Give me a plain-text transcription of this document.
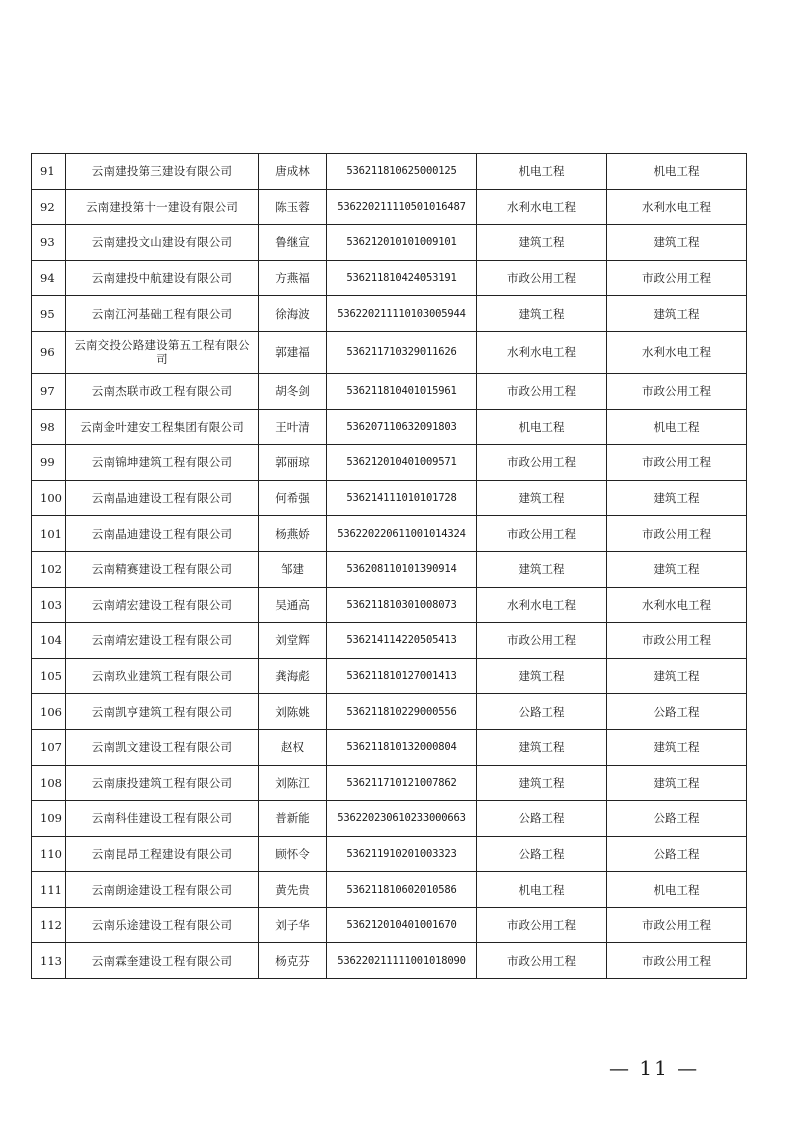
91	云南建投第三建设有限公司	唐成林	536211810625000125	机电工程	机电工程
92	云南建投第十一建设有限公司	陈玉蓉	536220211110501016487	水利水电工程	水利水电工程
93	云南建投文山建设有限公司	鲁继宣	536212010101009101	建筑工程	建筑工程
94	云南建投中航建设有限公司	方燕福	536211810424053191	市政公用工程	市政公用工程
95	云南江河基础工程有限公司	徐海波	536220211110103005944	建筑工程	建筑工程
96	云南交投公路建设第五工程有限公司	郭建福	536211710329011626	水利水电工程	水利水电工程
97	云南杰联市政工程有限公司	胡冬剑	536211810401015961	市政公用工程	市政公用工程
98	云南金叶建安工程集团有限公司	王叶清	536207110632091803	机电工程	机电工程
99	云南锦坤建筑工程有限公司	郭丽琼	536212010401009571	市政公用工程	市政公用工程
100	云南晶迪建设工程有限公司	何希强	536214111010101728	建筑工程	建筑工程
101	云南晶迪建设工程有限公司	杨燕娇	536220220611001014324	市政公用工程	市政公用工程
102	云南精赛建设工程有限公司	邹建	536208110101390914	建筑工程	建筑工程
103	云南靖宏建设工程有限公司	吴通高	536211810301008073	水利水电工程	水利水电工程
104	云南靖宏建设工程有限公司	刘堂辉	536214114220505413	市政公用工程	市政公用工程
105	云南玖业建筑工程有限公司	龚海彪	536211810127001413	建筑工程	建筑工程
106	云南凯亨建筑工程有限公司	刘陈姚	536211810229000556	公路工程	公路工程
107	云南凯文建设工程有限公司	赵权	536211810132000804	建筑工程	建筑工程
108	云南康投建筑工程有限公司	刘陈江	536211710121007862	建筑工程	建筑工程
109	云南科佳建设工程有限公司	普新能	536220230610233000663	公路工程	公路工程
110	云南昆昂工程建设有限公司	顾怀令	536211910201003323	公路工程	公路工程
111	云南朗途建设工程有限公司	黄先贵	536211810602010586	机电工程	机电工程
112	云南乐途建设工程有限公司	刘子华	536212010401001670	市政公用工程	市政公用工程
113	云南霖奎建设工程有限公司	杨克芬	536220211111001018090	市政公用工程	市政公用工程
— 11 —
